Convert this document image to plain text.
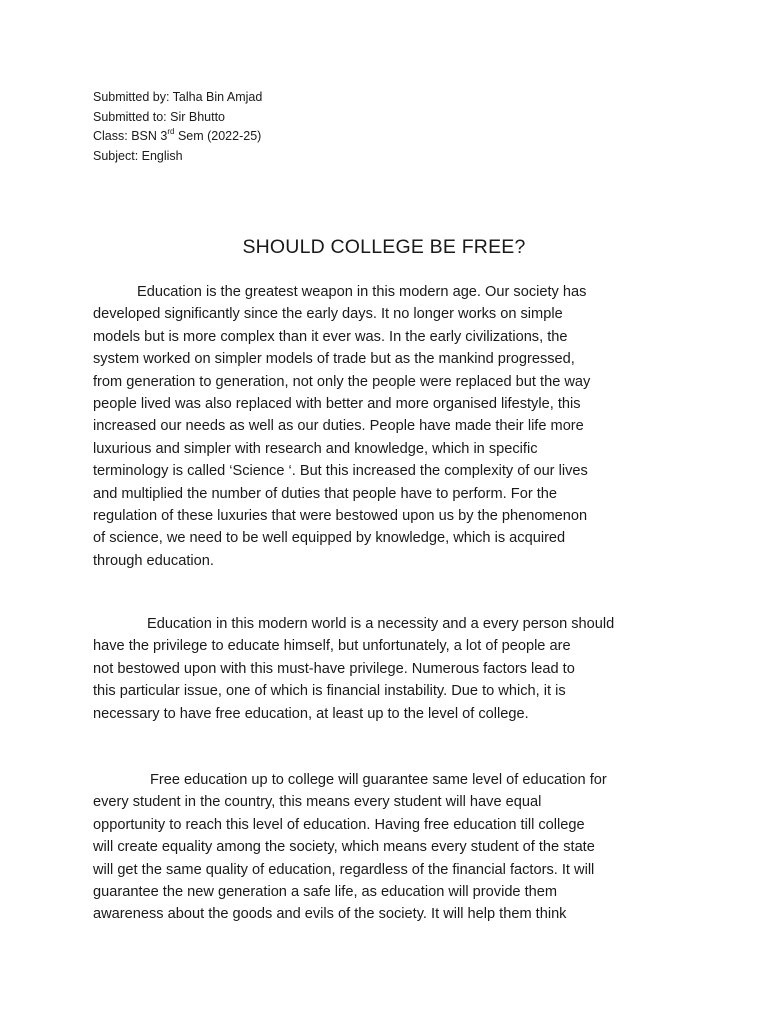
Submitted by: Talha Bin Amjad
Submitted to: Sir Bhutto
Class: BSN 3rd Sem (2022-25)
Subject: English
SHOULD COLLEGE BE FREE?
Education is the greatest weapon in this modern age. Our society has
developed significantly since the early days. It no longer works on simple
models but is more complex than it ever was. In the early civilizations, the
system worked on simpler models of trade but as the mankind progressed,
from generation to generation, not only the people were replaced but the way
people lived was also replaced with better and more organised lifestyle, this
increased our needs as well as our duties. People have made their life more
luxurious and simpler with research and knowledge, which in specific
terminology is called ‘Science ‘. But this increased the complexity of our lives
and multiplied the number of duties that people have to perform. For the
regulation of these luxuries that were bestowed upon us by the phenomenon
of science, we need to be well equipped by knowledge, which is acquired
through education.
Education in this modern world is a necessity and a every person should
have the privilege to educate himself, but unfortunately, a lot of people are
not bestowed upon with this must-have privilege. Numerous factors lead to
this particular issue, one of which is financial instability. Due to which, it is
necessary to have free education, at least up to the level of college.
Free education up to college will guarantee same level of education for
every student in the country, this means every student will have equal
opportunity to reach this level of education. Having free education till college
will create equality among the society, which means every student of the state
will get the same quality of education, regardless of the financial factors. It will
guarantee the new generation a safe life, as education will provide them
awareness about the goods and evils of the society. It will help them think
